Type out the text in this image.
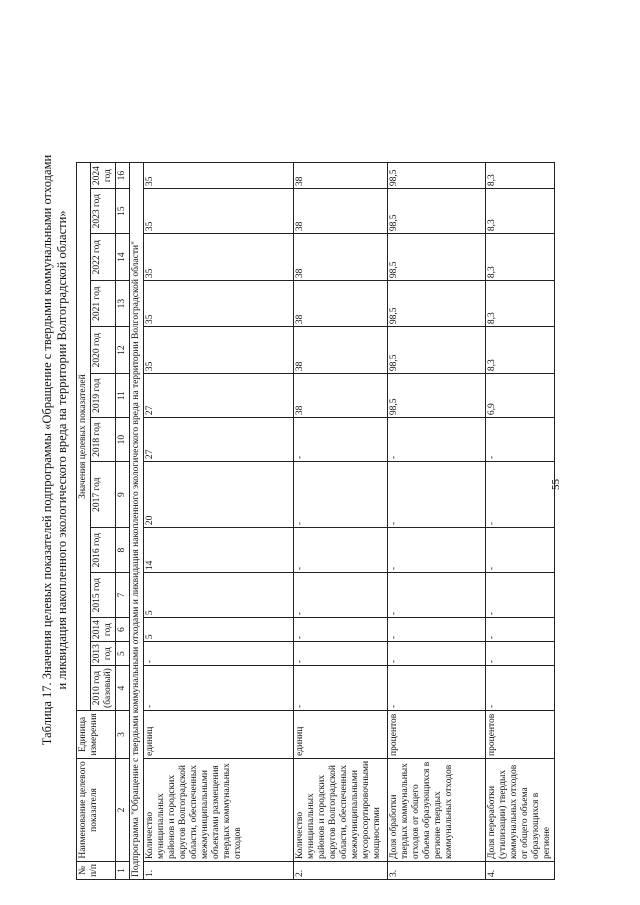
Таблица 17. Значения целевых показателей подпрограммы «Обращение с твердыми коммунальными отходами и ликвидация накопленного экологического вреда на территории Волгоградской области»
№ п/п	Наименование целевого показателя	Единица измерения	Значения целевых показателей												
			2010 год (базовый)	2013 год	2014 год	2015 год	2016 год	2017 год	2018 год	2019 год	2020 год	2021 год	2022 год	2023 год	2024 год
1	2	3	4	5	6	7	8	9	10	11	12	13	14	15	16
Подпрограмма "Обращение с твердыми коммунальными отходами и ликвидация накопленного экологического вреда на территории Волгоградской области"															
1.	Количество муниципальных районов и городских округов Волгоградской области, обеспеченных межмуниципальными объектами размещения твердых коммунальных отходов	единиц	-	-	5	5	14	20	27	27	35	35	35	35	35
2.	Количество муниципальных районов и городских округов Волгоградской области, обеспеченных межмуниципальными мусоросортировочными мощностями	единиц	-	-	-	-	-	-	-	38	38	38	38	38	38
3.	Доля обработки твердых коммунальных отходов от общего объема образующихся в регионе твердых коммунальных отходов	процентов	-	-	-	-	-	-	-	98,5	98,5	98,5	98,5	98,5	98,5
4.	Доля переработки (утилизации) твердых коммунальных отходов от общего объема образующихся в регионе	процентов	-	-	-	-	-	-	-	6,9	8,3	8,3	8,3	8,3	8,3
55
